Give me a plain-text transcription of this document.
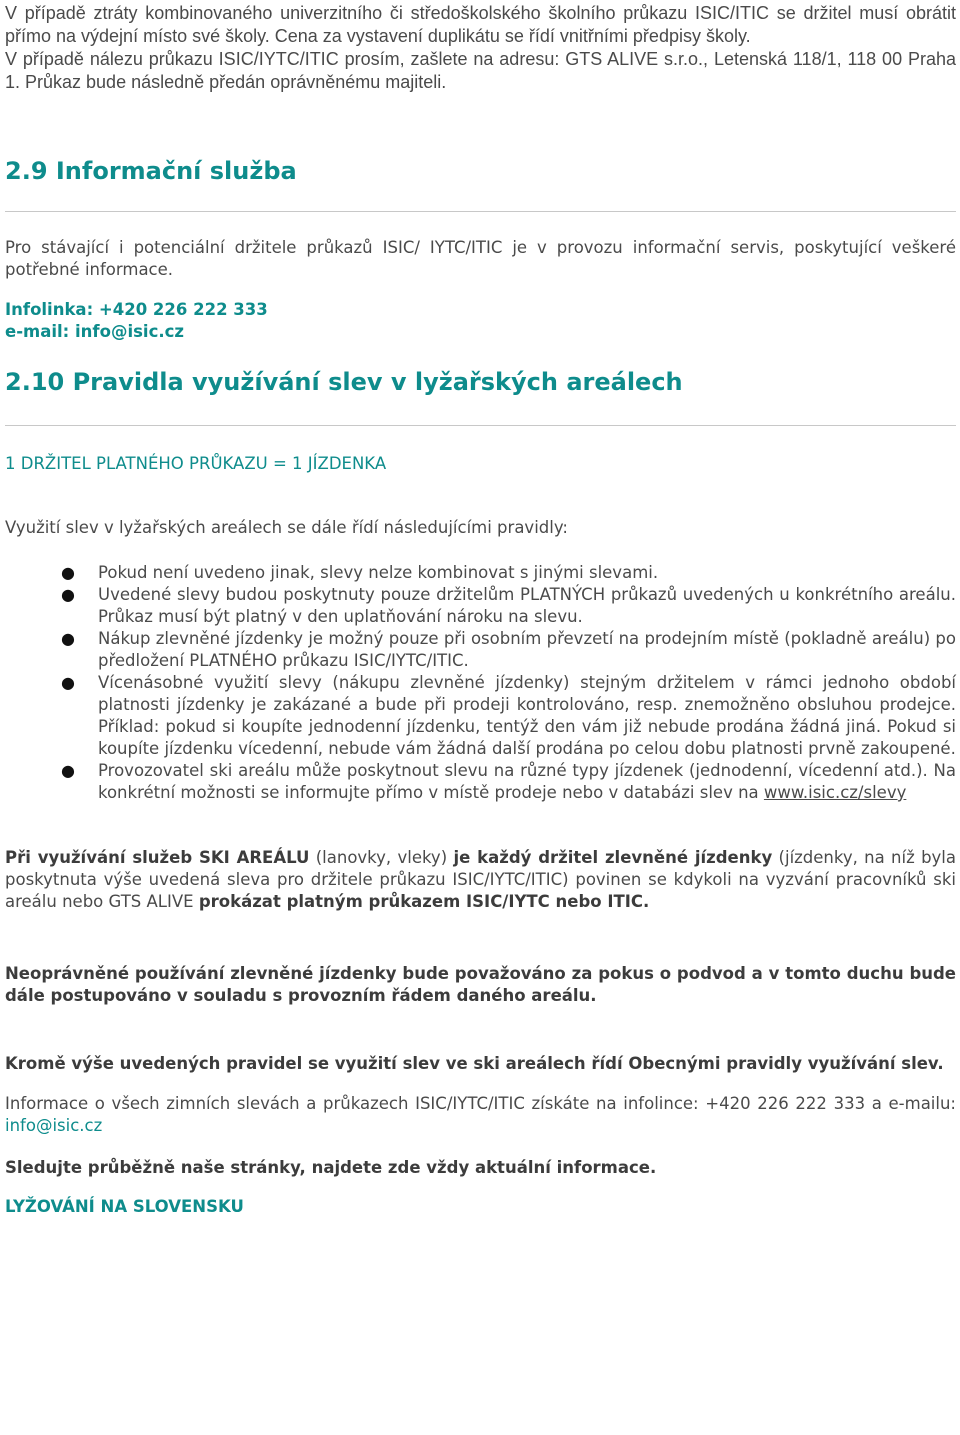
V případě ztráty kombinovaného univerzitního či středoškolského školního průkazu ISIC/ITIC se držitel musí obrátit přímo na výdejní místo své školy. Cena za vystavení duplikátu se řídí vnitřními předpisy školy.

V případě nálezu průkazu ISIC/IYTC/ITIC prosím, zašlete na adresu: GTS ALIVE s.r.o., Letenská 118/1, 118 00 Praha 1. Průkaz bude následně předán oprávněnému majiteli.

2.9 Informační služba

Pro stávající i potenciální držitele průkazů ISIC/ IYTC/ITIC je v provozu informační servis, poskytující veškeré potřebné informace.

Infolinka: +420 226 222 333
e-mail: info@isic.cz
2.10 Pravidla využívání slev v lyžařských areálech
1 DRŽITEL PLATNÉHO PRŮKAZU = 1 JÍZDENKA

Využití slev v lyžařských areálech se dále řídí následujícími pravidly:

● Pokud není uvedeno jinak, slevy nelze kombinovat s jinými slevami.
● Uvedené slevy budou poskytnuty pouze držitelům PLATNÝCH průkazů uvedených u konkrétního areálu. Průkaz musí být platný v den uplatňování nároku na slevu.
● Nákup zlevněné jízdenky je možný pouze při osobním převzetí na prodejním místě (pokladně areálu) po předložení PLATNÉHO průkazu ISIC/IYTC/ITIC.
● Vícenásobné využití slevy (nákupu zlevněné jízdenky) stejným držitelem v rámci jednoho období platnosti jízdenky je zakázané a bude při prodeji kontrolováno, resp. znemožněno obsluhou prodejce. Příklad: pokud si koupíte jednodenní jízdenku, tentýž den vám již nebude prodána žádná jiná. Pokud si koupíte jízdenku vícedenní, nebude vám žádná další prodána po celou dobu platnosti prvně zakoupené.
● Provozovatel ski areálu může poskytnout slevu na různé typy jízdenek (jednodenní, vícedenní atd.). Na konkrétní možnosti se informujte přímo v místě prodeje nebo v databázi slev na www.isic.cz/slevy

Při využívání služeb SKI AREÁLU (lanovky, vleky) je každý držitel zlevněné jízdenky (jízdenky, na níž byla poskytnuta výše uvedená sleva pro držitele průkazu ISIC/IYTC/ITIC) povinen se kdykoli na vyzvání pracovníků ski areálu nebo GTS ALIVE prokázat platným průkazem ISIC/IYTC nebo ITIC.

Neoprávněné používání zlevněné jízdenky bude považováno za pokus o podvod a v tomto duchu bude dále postupováno v souladu s provozním řádem daného areálu.

Kromě výše uvedených pravidel se využití slev ve ski areálech řídí Obecnými pravidly využívání slev.

Informace o všech zimních slevách a průkazech ISIC/IYTC/ITIC získáte na infolince: +420 226 222 333 a e-mailu: info@isic.cz

Sledujte průběžně naše stránky, najdete zde vždy aktuální informace.

LYŽOVÁNÍ NA SLOVENSKU
